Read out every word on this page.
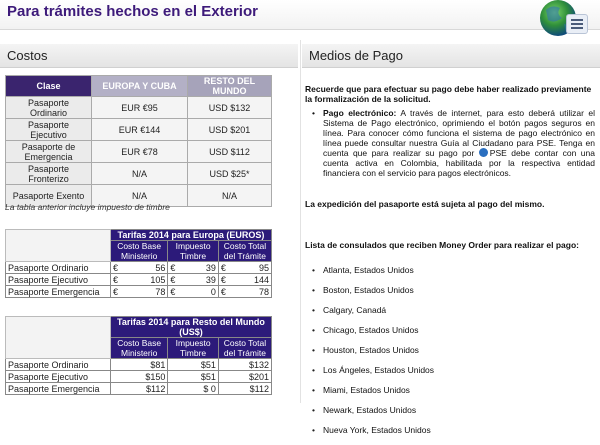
Para trámites hechos en el Exterior
Costos	Medios de Pago
Clase	EUROPA Y CUBA	RESTO DEL MUNDO
Pasaporte Ordinario	EUR €95	USD $132
Pasaporte Ejecutivo	EUR €144	USD $201
Pasaporte de Emergencia	EUR €78	USD $112
Pasaporte Fronterizo	N/A	USD $25*
Pasaporte Exento	N/A	N/A
La tabla anterior incluye impuesto de timbre
	Tarifas 2014 para Europa (EUROS)		
	Costo Base Ministerio	Impuesto Timbre	Costo Total del Trámite
Pasaporte Ordinario	€ 56	€ 39	€ 95

Pasaporte Ejecutivo	€ 105	€ 39	€ 144

Pasaporte Emergencia	€ 78	€ 0	€ 78
	Tarifas 2014 para Resto del Mundo (US$)		
	Costo Base Ministerio	Impuesto Timbre	Costo Total del Trámite
Pasaporte Ordinario	$81	$51	$132

Pasaporte Ejecutivo	$150	$51	$201

Pasaporte Emergencia	$112	$ 0	$112
Recuerde que para efectuar su pago debe haber realizado previamente la formalización de la solicitud.
• Pago electrónico: A través de internet, para esto deberá utilizar el Sistema de Pago electrónico, oprimiendo el botón pagos seguros en línea. Para conocer cómo funciona el sistema de pago electrónico en línea puede consultar nuestra Guía al Ciudadano para PSE. Tenga en cuenta que para realizar su pago por PSE debe contar con una cuenta activa en Colombia, habilitada por la respectiva entidad financiera con el servicio para pagos electrónicos.
La expedición del pasaporte está sujeta al pago del mismo.
Lista de consulados que reciben Money Order para realizar el pago:
• Atlanta, Estados Unidos
• Boston, Estados Unidos
• Calgary, Canadá
• Chicago, Estados Unidos
• Houston, Estados Unidos
• Los Ángeles, Estados Unidos
• Miami, Estados Unidos
• Newark, Estados Unidos
• Nueva York, Estados Unidos
